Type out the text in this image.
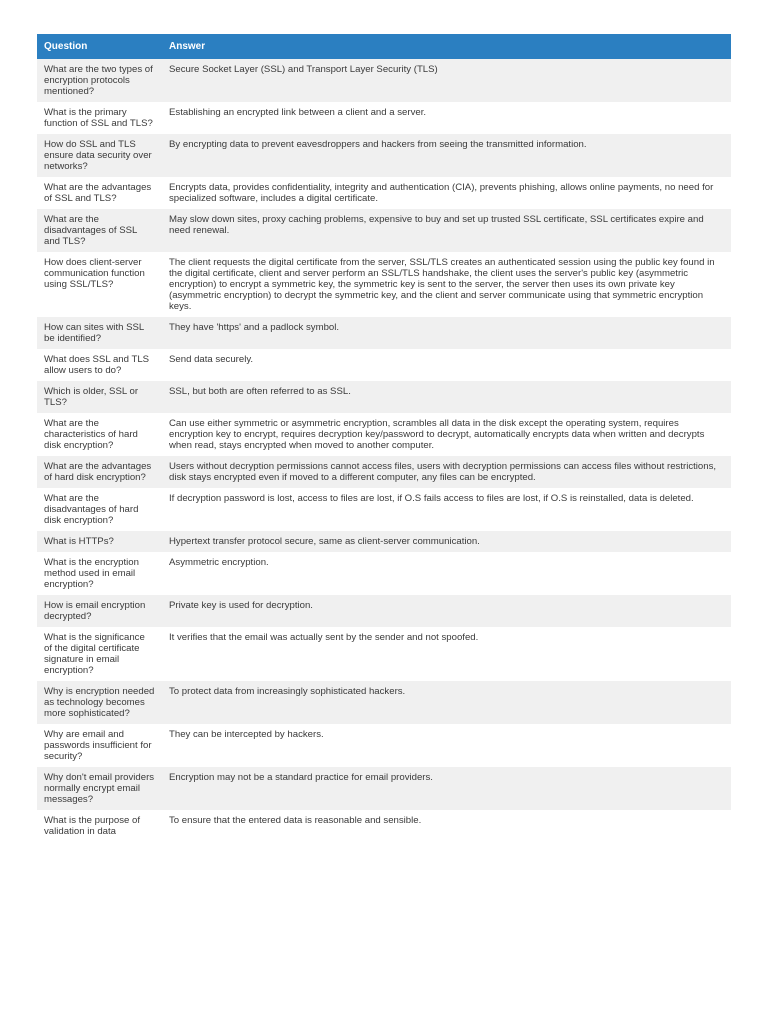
Question	Answer
What are the two types of encryption protocols mentioned?	Secure Socket Layer (SSL) and Transport Layer Security (TLS)
What is the primary function of SSL and TLS?	Establishing an encrypted link between a client and a server.
How do SSL and TLS ensure data security over networks?	By encrypting data to prevent eavesdroppers and hackers from seeing the transmitted information.
What are the advantages of SSL and TLS?	Encrypts data, provides confidentiality, integrity and authentication (CIA), prevents phishing, allows online payments, no need for specialized software, includes a digital certificate.
What are the disadvantages of SSL and TLS?	May slow down sites, proxy caching problems, expensive to buy and set up trusted SSL certificate, SSL certificates expire and need renewal.
How does client-server communication function using SSL/TLS?	The client requests the digital certificate from the server, SSL/TLS creates an authenticated session using the public key found in the digital certificate, client and server perform an SSL/TLS handshake, the client uses the server's public key (asymmetric encryption) to encrypt a symmetric key, the symmetric key is sent to the server, the server then uses its own private key (asymmetric encryption) to decrypt the symmetric key, and the client and server communicate using that symmetric encryption keys.
How can sites with SSL be identified?	They have 'https' and a padlock symbol.
What does SSL and TLS allow users to do?	Send data securely.
Which is older, SSL or TLS?	SSL, but both are often referred to as SSL.
What are the characteristics of hard disk encryption?	Can use either symmetric or asymmetric encryption, scrambles all data in the disk except the operating system, requires encryption key to encrypt, requires decryption key/password to decrypt, automatically encrypts data when written and decrypts when read, stays encrypted when moved to another computer.
What are the advantages of hard disk encryption?	Users without decryption permissions cannot access files, users with decryption permissions can access files without restrictions, disk stays encrypted even if moved to a different computer, any files can be encrypted.
What are the disadvantages of hard disk encryption?	If decryption password is lost, access to files are lost, if O.S fails access to files are lost, if O.S is reinstalled, data is deleted.
What is HTTPs?	Hypertext transfer protocol secure, same as client-server communication.
What is the encryption method used in email encryption?	Asymmetric encryption.
How is email encryption decrypted?	Private key is used for decryption.
What is the significance of the digital certificate signature in email encryption?	It verifies that the email was actually sent by the sender and not spoofed.
Why is encryption needed as technology becomes more sophisticated?	To protect data from increasingly sophisticated hackers.
Why are email and passwords insufficient for security?	They can be intercepted by hackers.
Why don't email providers normally encrypt email messages?	Encryption may not be a standard practice for email providers.
What is the purpose of validation in data	To ensure that the entered data is reasonable and sensible.
